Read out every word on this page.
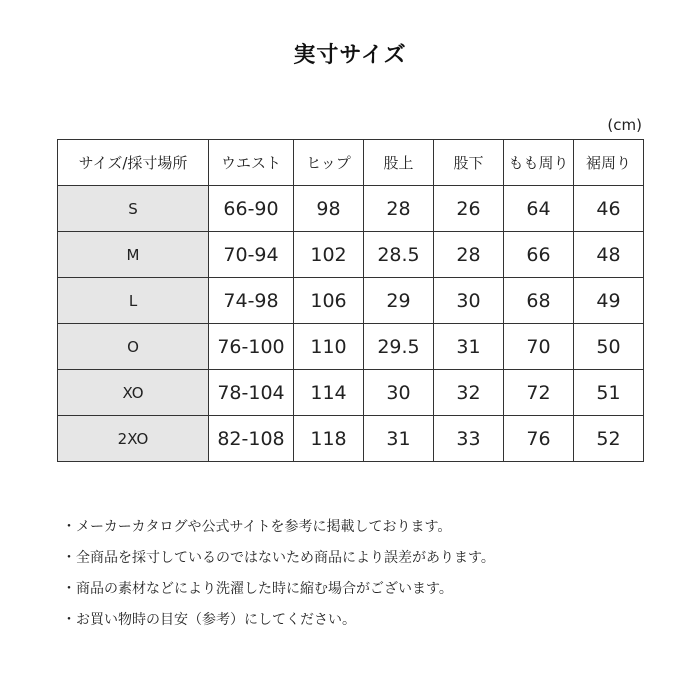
実寸サイズ
(cm)
サイズ/採寸場所	ウエスト	ヒップ	股上	股下	もも周り	裾周り
S	66-90	98	28	26	64	46
M	70-94	102	28.5	28	66	48
L	74-98	106	29	30	68	49
O	76-100	110	29.5	31	70	50
XO	78-104	114	30	32	72	51
2XO	82-108	118	31	33	76	52
・メーカーカタログや公式サイトを参考に掲載しております。
・全商品を採寸しているのではないため商品により誤差があります。
・商品の素材などにより洗濯した時に縮む場合がございます。
・お買い物時の目安（参考）にしてください。
